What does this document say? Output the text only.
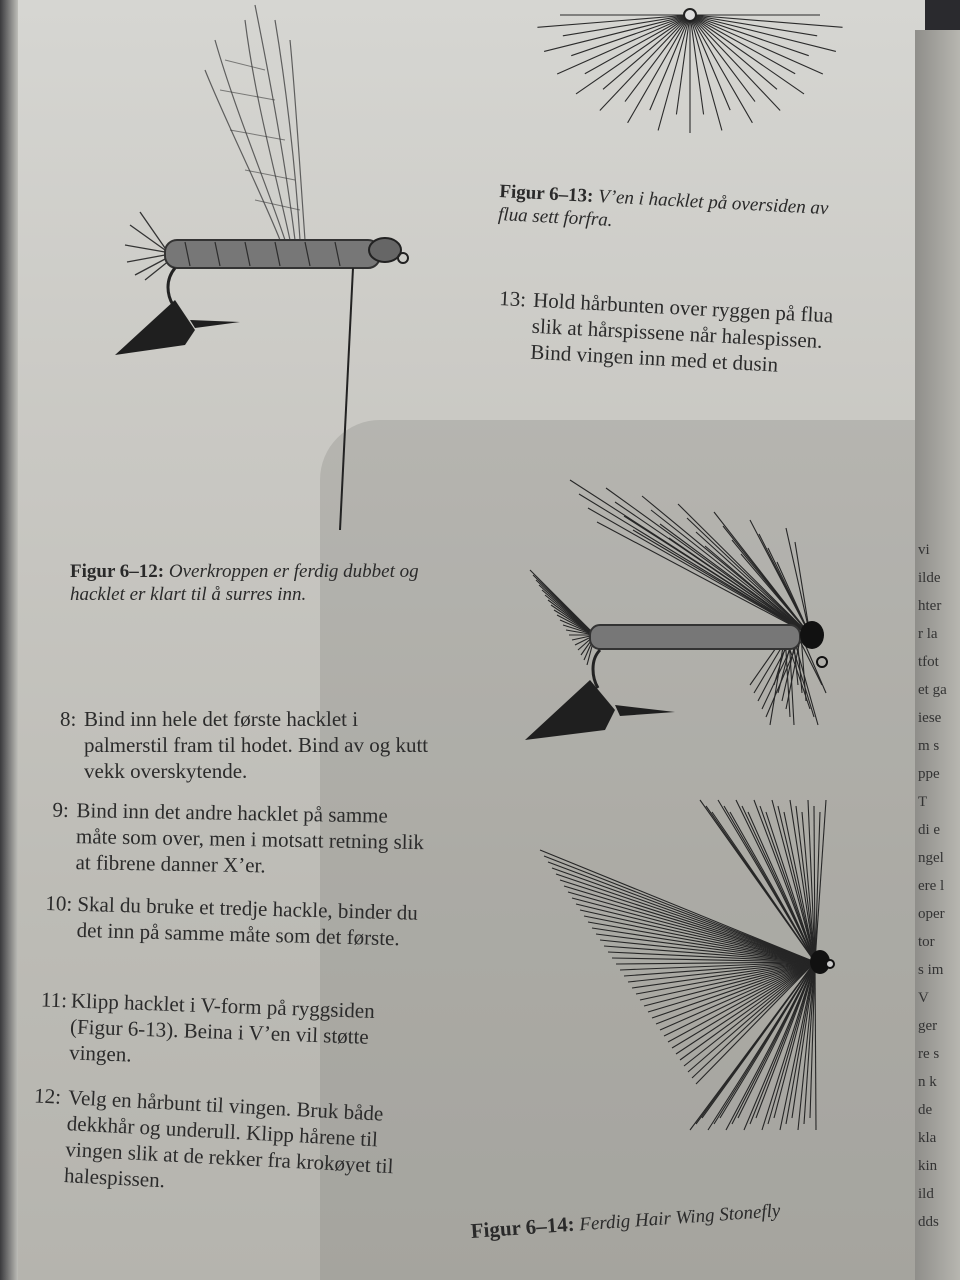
Figur 6–12: Overkroppen er ferdig dubbet og hacklet er klart til å surres inn.
Figur 6–13: V’en i hacklet på oversiden av flua sett forfra.
13: Hold hårbunten over ryggen på flua slik at hårspissene når halespissen. Bind vingen inn med et dusin
Figur 6–14: Ferdig Hair Wing Stonefly
8: Bind inn hele det første hacklet i palmerstil fram til hodet. Bind av og kutt vekk overskytende.
9: Bind inn det andre hacklet på samme måte som over, men i motsatt retning slik at fibrene danner X’er.
10: Skal du bruke et tredje hackle, binder du det inn på samme måte som det første.
11: Klipp hacklet i V-form på ryggsiden (Figur 6-13). Beina i V’en vil støtte vingen.
12: Velg en hårbunt til vingen. Bruk både dekkhår og underull. Klipp hårene til vingen slik at de rekker fra krokøyet til halespissen.
vi
ilde
hter
r la
tfot
et ga
iese
m s
ppe
T
di e
ngel
ere l
oper
tor
s im
V
ger
re s
n k
de
kla
kin
ild
dds
